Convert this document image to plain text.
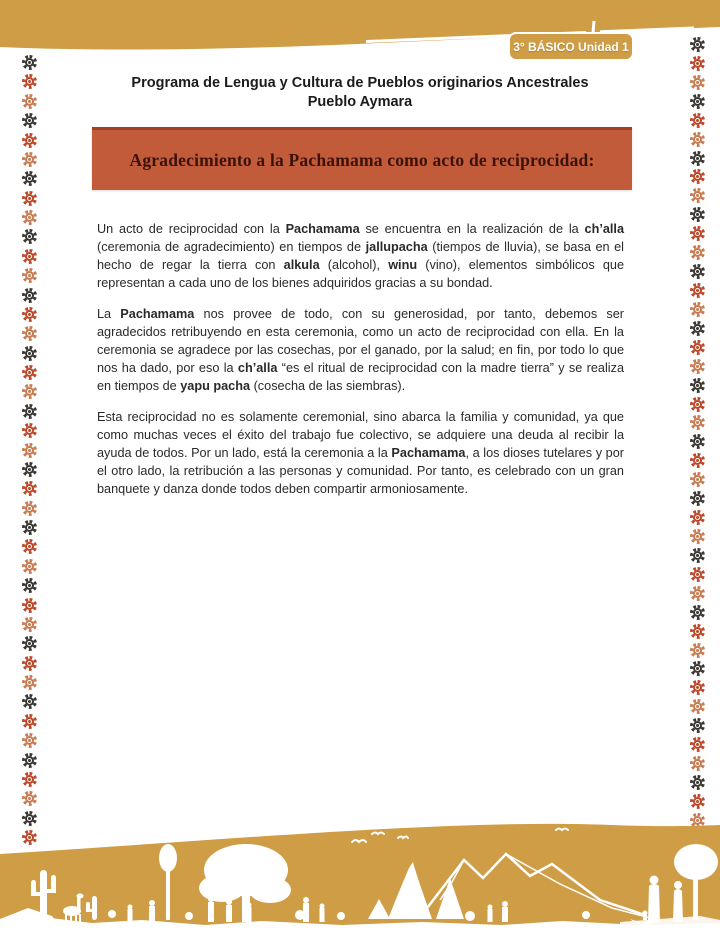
3° BÁSICO Unidad 1
Programa de Lengua y Cultura de Pueblos originarios Ancestrales
Pueblo Aymara
Agradecimiento a la Pachamama como acto de reciprocidad:

Un acto de reciprocidad con la Pachamama se encuentra en la realización de la ch’alla (ceremonia de agradecimiento) en tiempos de jallupacha (tiempos de lluvia), se basa en el hecho de regar la tierra con alkula (alcohol), winu (vino), elementos simbólicos que representan a cada uno de los bienes adquiridos gracias a su bondad.

La Pachamama nos provee de todo, con su generosidad, por tanto, debemos ser agradecidos retribuyendo en esta ceremonia, como un acto de reciprocidad con ella. En la ceremonia se agradece por las cosechas, por el ganado, por la salud; en fin, por todo lo que nos ha dado, por eso la ch’alla “es el ritual de reciprocidad con la madre tierra” y se realiza en tiempos de yapu pacha (cosecha de las siembras).

Esta reciprocidad no es solamente ceremonial, sino abarca la familia y comunidad, ya que como muchas veces el éxito del trabajo fue colectivo, se adquiere una deuda al recibir la ayuda de todos. Por un lado, está la ceremonia a la Pachamama, a los dioses tutelares y por el otro lado, la retribución a las personas y comunidad. Por tanto, es celebrado con un gran banquete y danza donde todos deben compartir armoniosamente.
